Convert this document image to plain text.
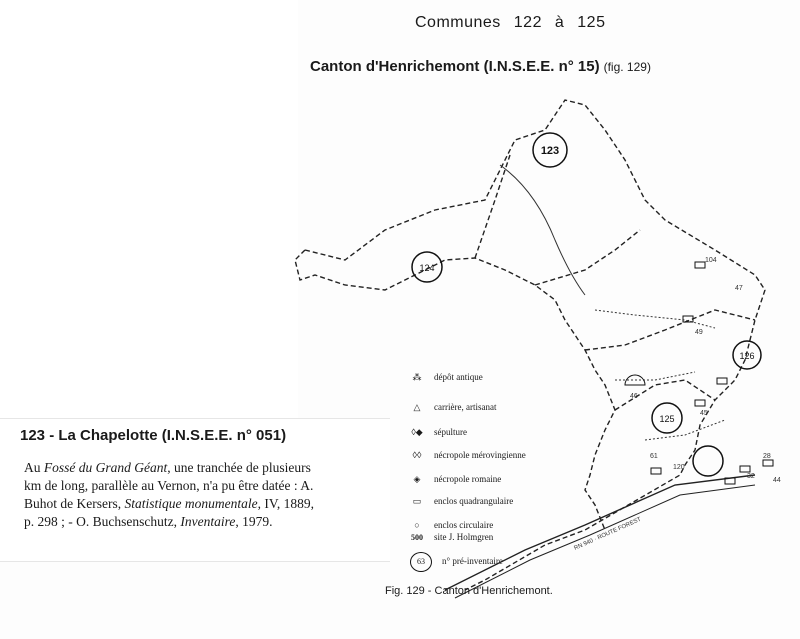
Communes 122 à 125
Canton d'Henrichemont (I.N.S.E.E. n° 15) (fig. 129)
123
124
125
126
104
47
49
46
45
120
61
32
28
44
RN 940 · ROUTE FOREST
⁂ dépôt antique
△ carrière, artisanat
◊◆ sépulture
◊◊ nécropole mérovingienne
◈ nécropole romaine
▭ enclos quadrangulaire
○ enclos circulaire
500 site J. Holmgren
63 n° pré-inventaire
Fig. 129 - Canton d'Henrichemont.
123 - La Chapelotte (I.N.S.E.E. n° 051)
Au Fossé du Grand Géant, une tranchée de plusieurs
km de long, parallèle au Vernon, n'a pu être datée : A.
Buhot de Kersers, Statistique monumentale, IV, 1889,
p. 298 ; - O. Buchsenschutz, Inventaire, 1979.
